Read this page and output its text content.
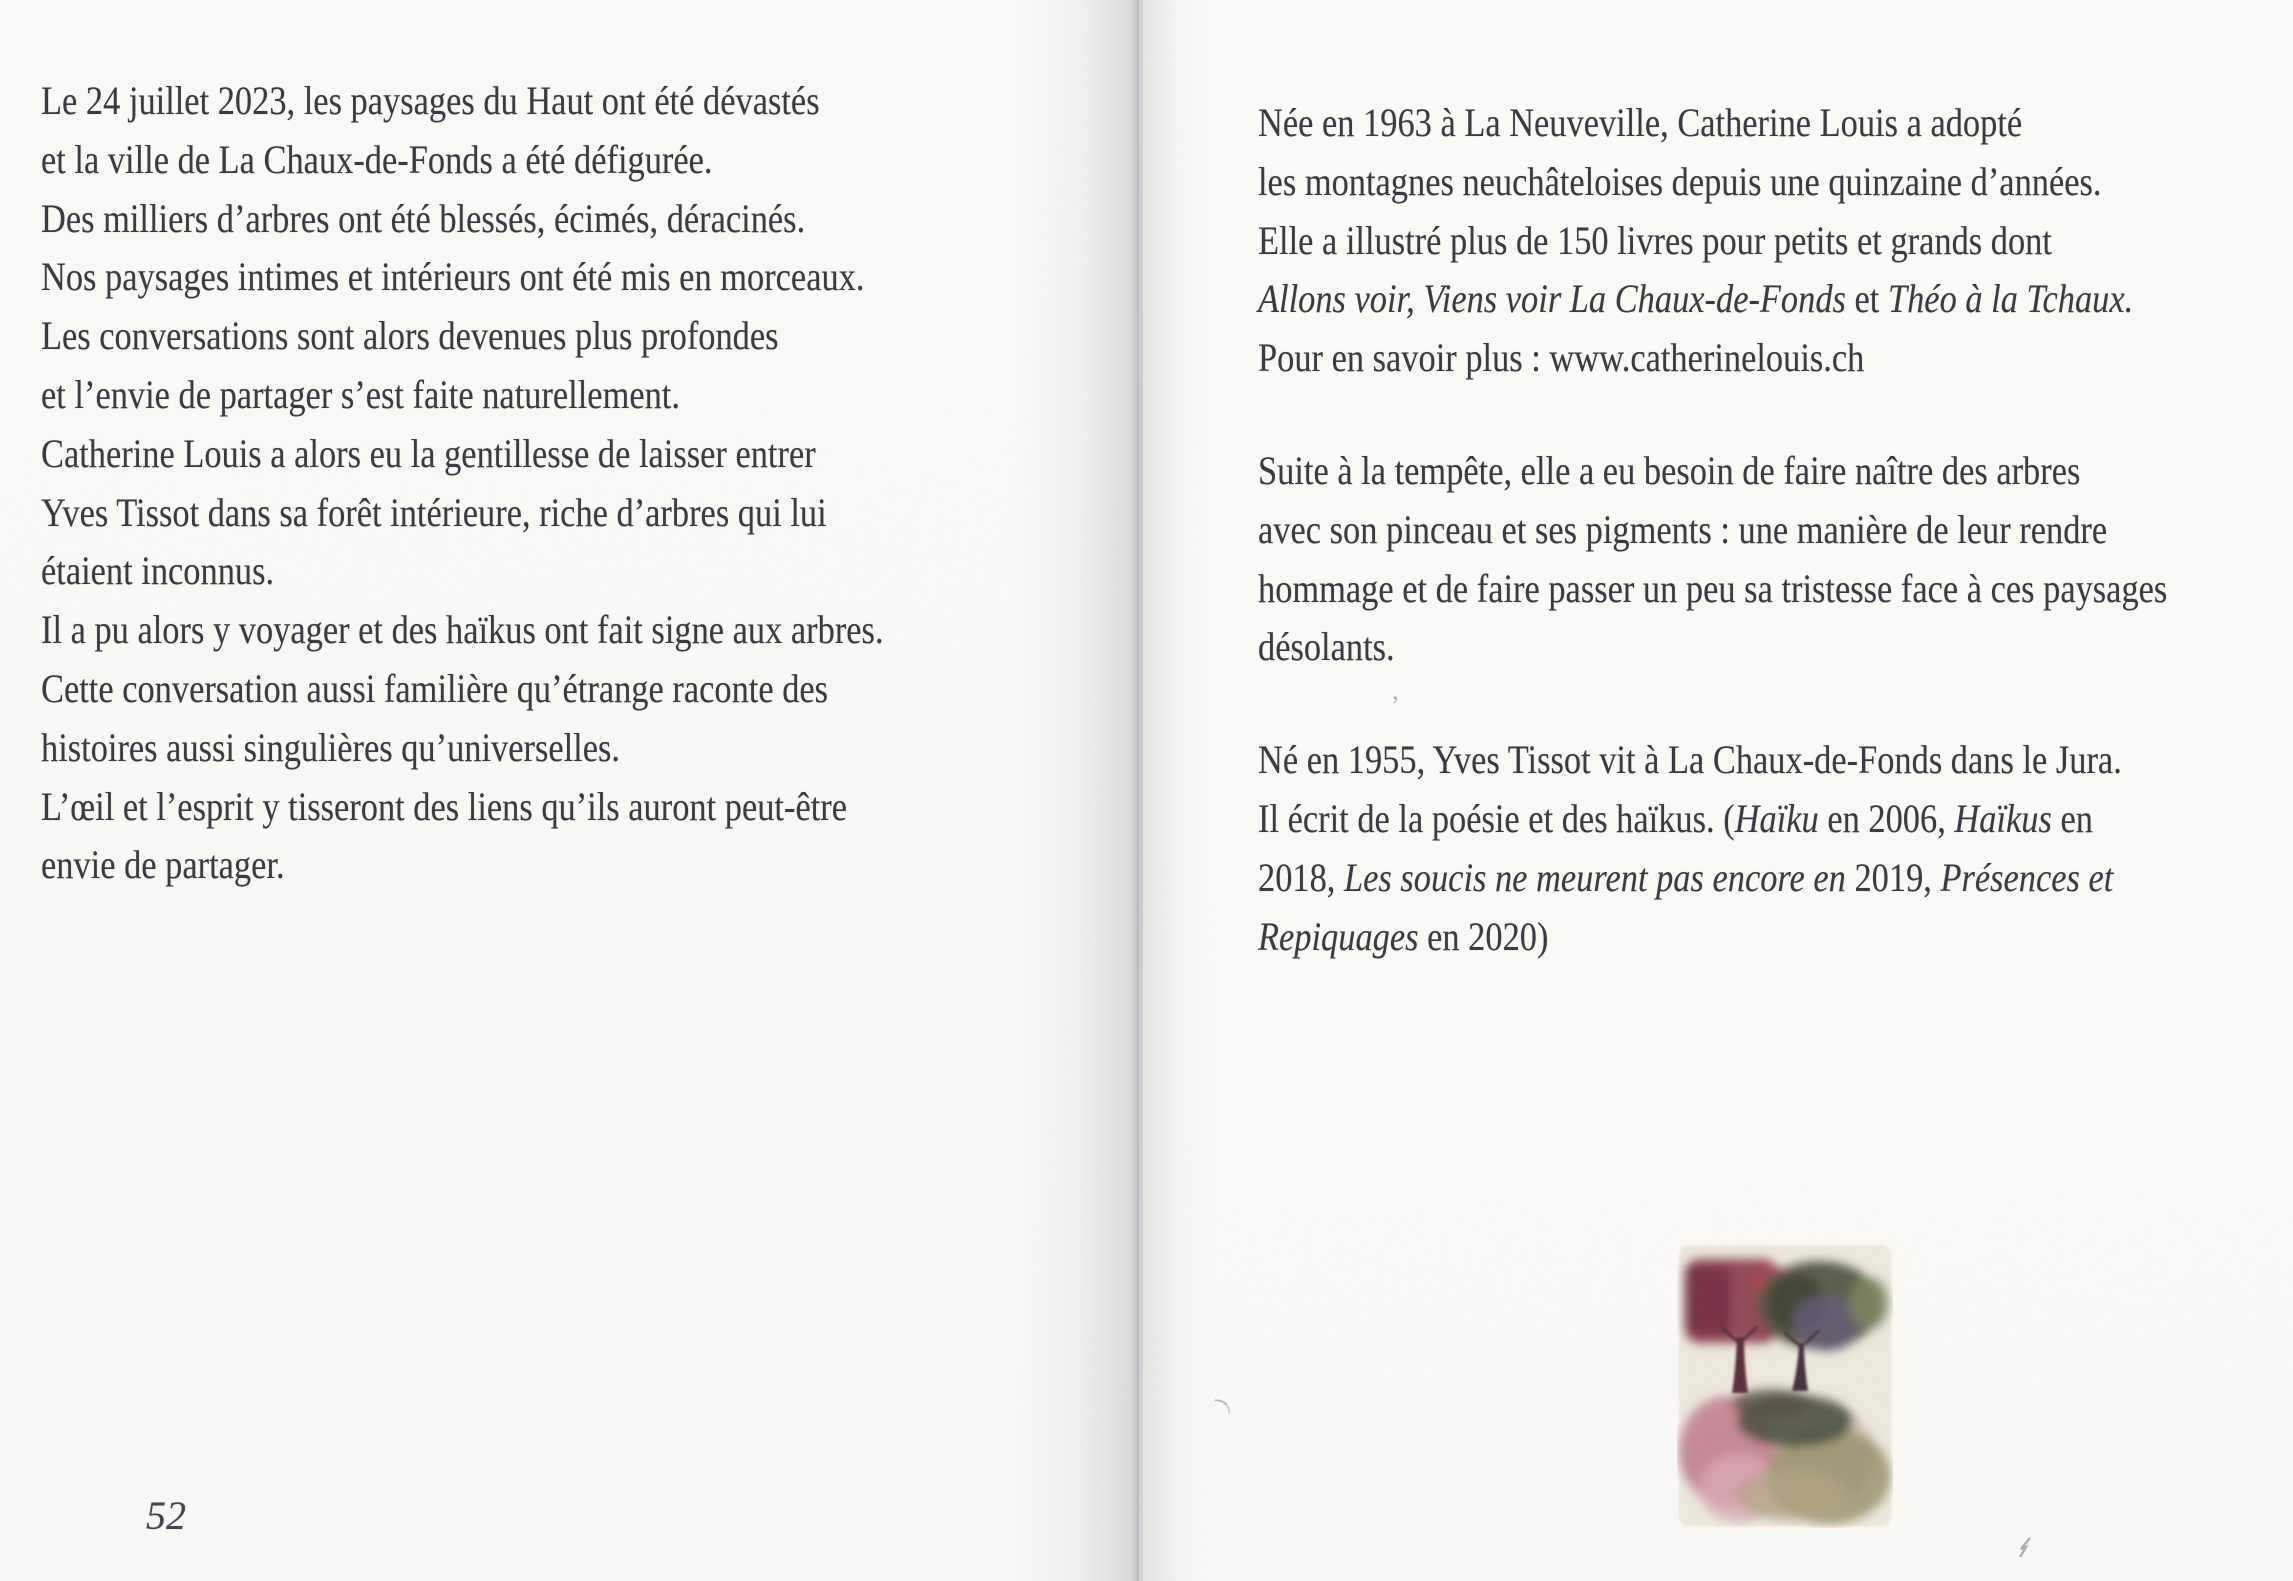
Le 24 juillet 2023, les paysages du Haut ont été dévastés
et la ville de La Chaux-de-Fonds a été défigurée.
Des milliers d’arbres ont été blessés, écimés, déracinés.
Nos paysages intimes et intérieurs ont été mis en morceaux.
Les conversations sont alors devenues plus profondes
et l’envie de partager s’est faite naturellement.
Catherine Louis a alors eu la gentillesse de laisser entrer
Yves Tissot dans sa forêt intérieure, riche d’arbres qui lui
étaient inconnus.
Il a pu alors y voyager et des haïkus ont fait signe aux arbres.
Cette conversation aussi familière qu’étrange raconte des
histoires aussi singulières qu’universelles.
L’œil et l’esprit y tisseront des liens qu’ils auront peut-être
envie de partager.
Née en 1963 à La Neuveville, Catherine Louis a adopté
les montagnes neuchâteloises depuis une quinzaine d’années.
Elle a illustré plus de 150 livres pour petits et grands dont
Allons voir, Viens voir La Chaux-de-Fonds et Théo à la Tchaux.
Pour en savoir plus : www.catherinelouis.ch
Suite à la tempête, elle a eu besoin de faire naître des arbres
avec son pinceau et ses pigments : une manière de leur rendre
hommage et de faire passer un peu sa tristesse face à ces paysages
désolants.
Né en 1955, Yves Tissot vit à La Chaux-de-Fonds dans le Jura.
Il écrit de la poésie et des haïkus. (Haïku en 2006, Haïkus en
2018, Les soucis ne meurent pas encore en 2019, Présences et
Repiquages en 2020)
52
,
